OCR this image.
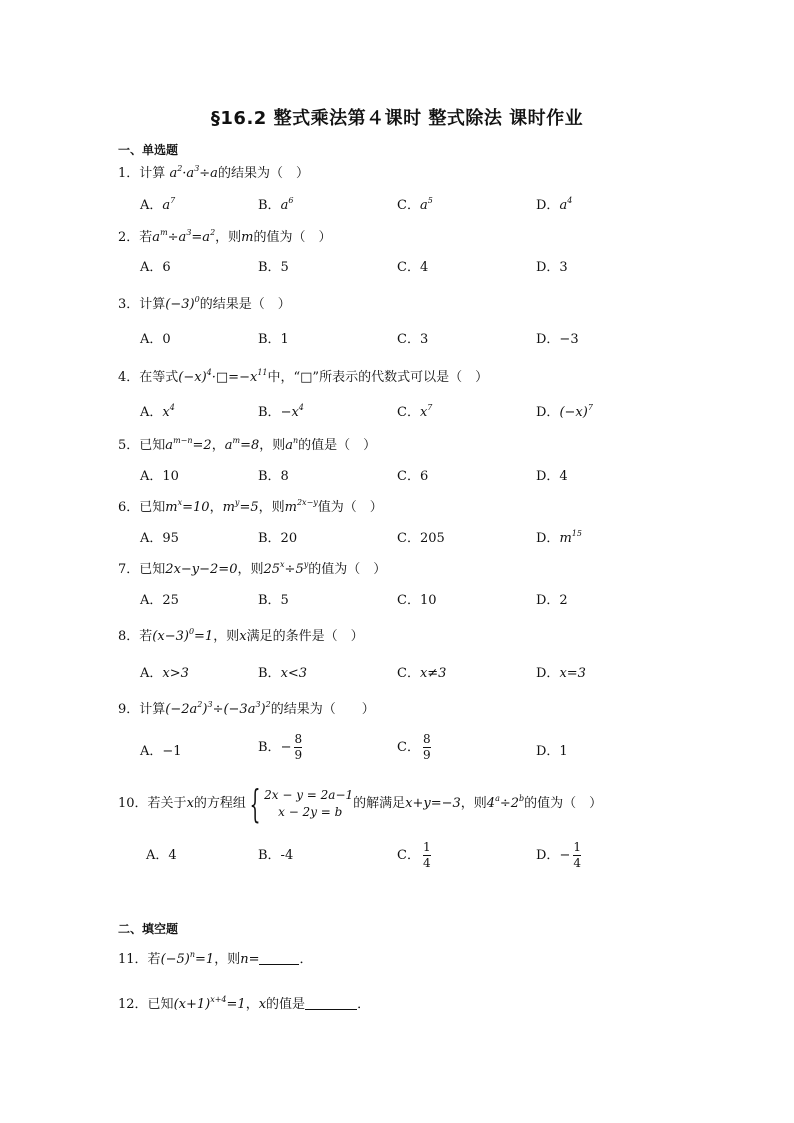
§16.2 整式乘法第４课时 整式除法 课时作业
一、单选题
1．计算 $a^2\cdot a^3\div a$的结果为（　）
A．$a^7$	B．$a^6$	C．$a^5$	D．$a^4$
2．若$a^m\div a^3=a^2$，则m的值为（　）
A．6	B．5	C．4	D．3
3．计算$(-3)^0$的结果是（　）
A．0	B．1	C．3	D．−3
4．在等式$(-x)^4\cdot□=-x^{11}$中，“□”所表示的代数式可以是（　）
A．$x^4$	B．$-x^4$	C．$x^7$	D．$(-x)^7$
5．已知$a^{m-n}=2$，$a^m=8$，则$a^n$的值是（　）
A．10	B．8	C．6	D．4
6．已知$m^x=10$，$m^y=5$，则$m^{2x-y}$值为（　）
A．95	B．20	C．205	D．$m^{15}$
7．已知2x−y−2=0，则$25^x\div 5^y$的值为（　）
A．25	B．5	C．10	D．2
8．若$(x-3)^0=1$，则x满足的条件是（　）
A．x>3	B．x<3	C．x≠3	D．x=3
9．计算$(-2a^2)^3\div(-3a^3)^2$的结果为（　　）
A．−1	B．− $\frac{8}{9}$	C． $\frac{8}{9}$	D．1
10．若关于x的方程组{ 2x − y = 2a−1
x − 2y = b
的解满足x+y=−3，则$4^a\div 2^b$的值为（　）
A．4	B．-4	C． $\frac{1}{4}$	D．− $\frac{1}{4}$
二、填空题
11．若$(-5)^n=1$，则n=	．
12．已知$(x+1)^{x+4}=1$，x的值是	．
